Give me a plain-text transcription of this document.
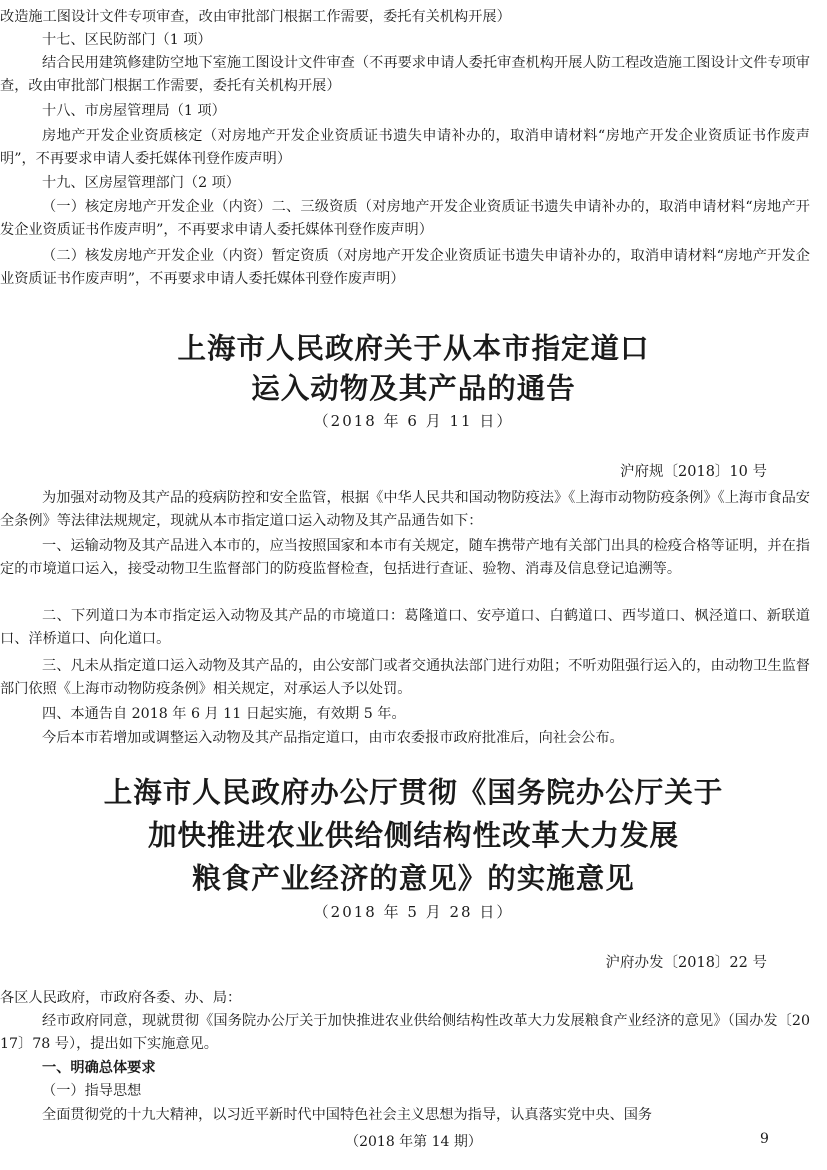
改造施工图设计文件专项审查，改由审批部门根据工作需要，委托有关机构开展）
十七、区民防部门（1 项）
结合民用建筑修建防空地下室施工图设计文件审查（不再要求申请人委托审查机构开展人防工程改造施工图设计文件专项审查，改由审批部门根据工作需要，委托有关机构开展）
十八、市房屋管理局（1 项）
房地产开发企业资质核定（对房地产开发企业资质证书遗失申请补办的，取消申请材料“房地产开发企业资质证书作废声明”，不再要求申请人委托媒体刊登作废声明）
十九、区房屋管理部门（2 项）
（一）核定房地产开发企业（内资）二、三级资质（对房地产开发企业资质证书遗失申请补办的，取消申请材料“房地产开发企业资质证书作废声明”，不再要求申请人委托媒体刊登作废声明）
（二）核发房地产开发企业（内资）暂定资质（对房地产开发企业资质证书遗失申请补办的，取消申请材料“房地产开发企业资质证书作废声明”，不再要求申请人委托媒体刊登作废声明）
上海市人民政府关于从本市指定道口
运入动物及其产品的通告
（2018 年 6 月 11 日）
沪府规〔2018〕10 号
为加强对动物及其产品的疫病防控和安全监管，根据《中华人民共和国动物防疫法》《上海市动物防疫条例》《上海市食品安全条例》等法律法规规定，现就从本市指定道口运入动物及其产品通告如下：
一、运输动物及其产品进入本市的，应当按照国家和本市有关规定，随车携带产地有关部门出具的检疫合格等证明，并在指定的市境道口运入，接受动物卫生监督部门的防疫监督检查，包括进行查证、验物、消毒及信息登记追溯等。
二、下列道口为本市指定运入动物及其产品的市境道口：葛隆道口、安亭道口、白鹤道口、西岑道口、枫泾道口、新联道口、洋桥道口、向化道口。
三、凡未从指定道口运入动物及其产品的，由公安部门或者交通执法部门进行劝阻；不听劝阻强行运入的，由动物卫生监督部门依照《上海市动物防疫条例》相关规定，对承运人予以处罚。
四、本通告自 2018 年 6 月 11 日起实施，有效期 5 年。
今后本市若增加或调整运入动物及其产品指定道口，由市农委报市政府批准后，向社会公布。
上海市人民政府办公厅贯彻《国务院办公厅关于
加快推进农业供给侧结构性改革大力发展
粮食产业经济的意见》的实施意见
（2018 年 5 月 28 日）
沪府办发〔2018〕22 号
各区人民政府，市政府各委、办、局：
经市政府同意，现就贯彻《国务院办公厅关于加快推进农业供给侧结构性改革大力发展粮食产业经济的意见》（国办发〔2017〕78 号），提出如下实施意见。
一、明确总体要求
（一）指导思想
全面贯彻党的十九大精神，以习近平新时代中国特色社会主义思想为指导，认真落实党中央、国务
（2018 年第 14 期）	9
